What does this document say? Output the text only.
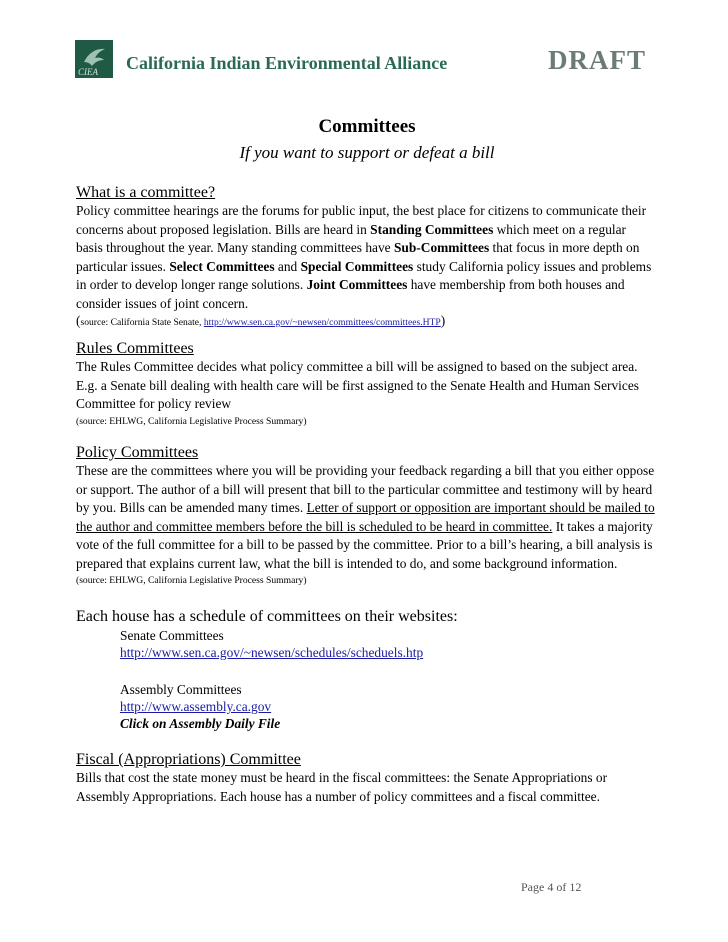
CIEA California Indian Environmental Alliance	DRAFT
Committees
If you want to support or defeat a bill
What is a committee?
Policy committee hearings are the forums for public input, the best place for citizens to communicate their concerns about proposed legislation. Bills are heard in Standing Committees which meet on a regular basis throughout the year. Many standing committees have Sub-Committees that focus in more depth on particular issues. Select Committees and Special Committees study California policy issues and problems in order to develop longer range solutions. Joint Committees have membership from both houses and consider issues of joint concern.
(source: California State Senate, http://www.sen.ca.gov/~newsen/committees/committees.HTP)
Rules Committees
The Rules Committee decides what policy committee a bill will be assigned to based on the subject area. E.g. a Senate bill dealing with health care will be first assigned to the Senate Health and Human Services Committee for policy review
(source: EHLWG, California Legislative Process Summary)
Policy Committees
These are the committees where you will be providing your feedback regarding a bill that you either oppose or support. The author of a bill will present that bill to the particular committee and testimony will by heard by you. Bills can be amended many times. Letter of support or opposition are important should be mailed to the author and committee members before the bill is scheduled to be heard in committee. It takes a majority vote of the full committee for a bill to be passed by the committee. Prior to a bill’s hearing, a bill analysis is prepared that explains current law, what the bill is intended to do, and some background information.
(source: EHLWG, California Legislative Process Summary)
Each house has a schedule of committees on their websites:
Senate Committees
http://www.sen.ca.gov/~newsen/schedules/scheduels.htp
Assembly Committees
http://www.assembly.ca.gov
Click on Assembly Daily File
Fiscal (Appropriations) Committee
Bills that cost the state money must be heard in the fiscal committees: the Senate Appropriations or Assembly Appropriations. Each house has a number of policy committees and a fiscal committee.
Page 4 of 12
